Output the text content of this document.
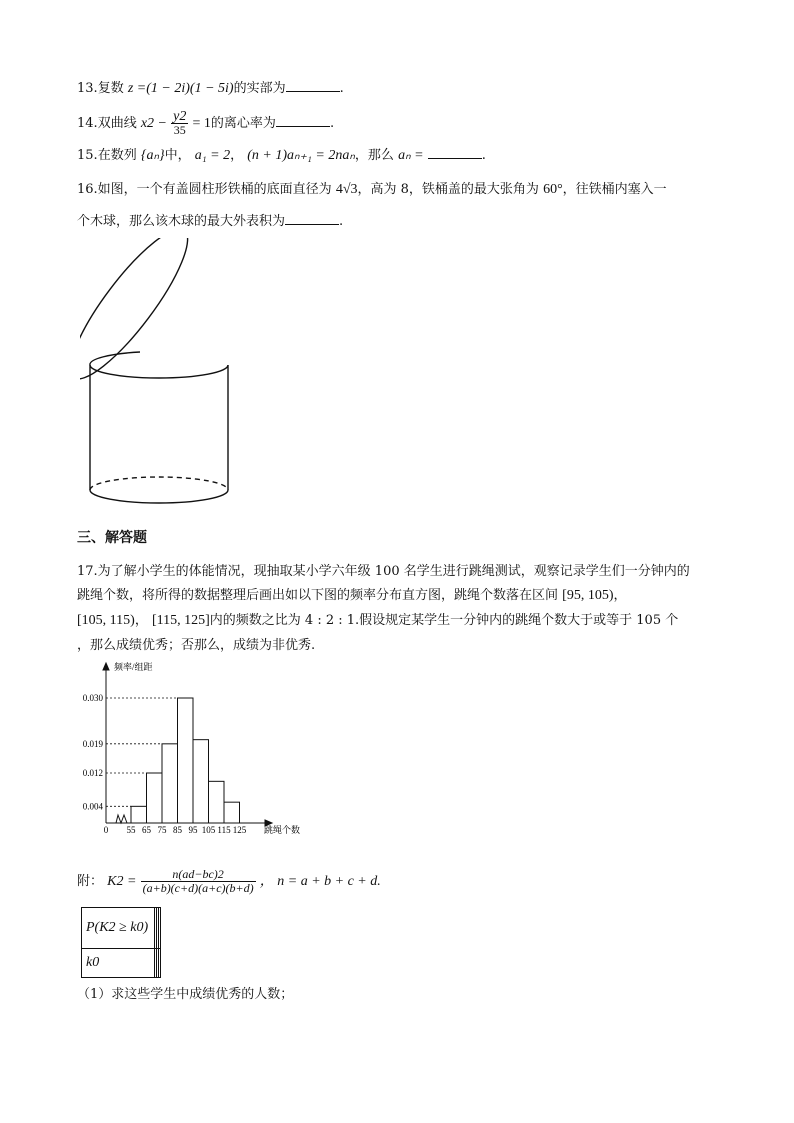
13.复数 z =(1 − 2i)(1 − 5i)的实部为	.
14.双曲线 $x2 - \frac{y2}{35} = 1$的离心率为	.
15.在数列 {aₙ}中， a₁ = 2， (n + 1)aₙ₊₁ = 2naₙ，那么 aₙ =	.
16.如图，一个有盖圆柱形铁桶的底面直径为 4√3，高为 8，铁桶盖的最大张角为 60°，往铁桶内塞入一
个木球，那么该木球的最大外表积为	.
三、解答题
17.为了解小学生的体能情况，现抽取某小学六年级 100 名学生进行跳绳测试，观察记录学生们一分钟内的
跳绳个数，将所得的数据整理后画出如以下图的频率分布直方图，跳绳个数落在区间 [95, 105)，
[105, 115)， [115, 125]内的频数之比为 4 : 2 : 1.假设规定某学生一分钟内的跳绳个数大于或等于 105 个
，那么成绩优秀；否那么，成绩为非优秀.
0.004
0.012
0.019
0.030
0 55 65 75 85 95 105 115 125
频率/组距
跳绳个数
附： $K2 = \frac{n(ad-bc)2}{(a+b)(c+d)(a+c)(b+d)}$ ， n = a + b + c + d.
P(K2 ≥ k0)			
k0			
（1）求这些学生中成绩优秀的人数；
